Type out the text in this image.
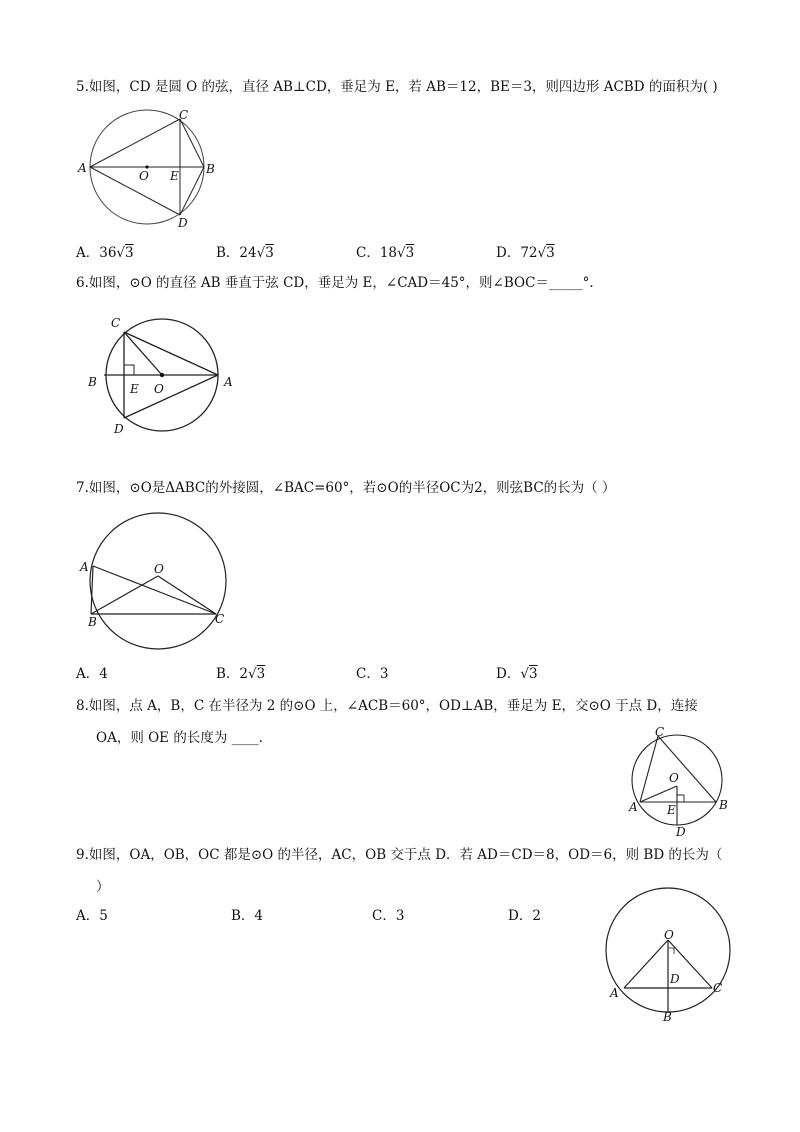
5.如图，CD 是圆 O 的弦，直径 AB⊥CD，垂足为 E，若 AB＝12，BE＝3，则四边形 ACBD 的面积为( )
A	B
C
D
E
O
A．36√3	B．24√3	C．18√3	D．72√3
6.如图，⊙O 的直径 AB 垂直于弦 CD，垂足为 E，∠CAD＝45°，则∠BOC＝_____°.
C
B	A
E O
D
7.如图，⊙O是ΔABC的外接圆，∠BAC=60°，若⊙O的半径OC为2，则弦BC的长为（ ）
A
B	C
O
A．4	B．2√3	C．3	D．√3
8.如图，点 A，B，C 在半径为 2 的⊙O 上，∠ACB＝60°，OD⊥AB，垂足为 E，交⊙O 于点 D，连接
OA，则 OE 的长度为 ____.	C
O
A	B
E
D
9.如图，OA，OB，OC 都是⊙O 的半径，AC，OB 交于点 D．若 AD＝CD＝8，OD＝6，则 BD 的长为（
）
A．5	B．4	C．3	D．2
O
A	C
D
B
